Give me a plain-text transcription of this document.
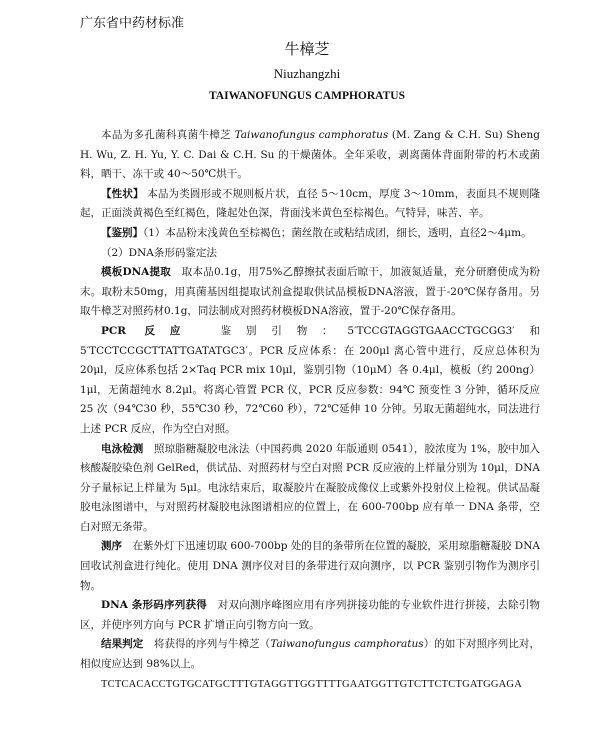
广东省中药材标准
牛樟芝
Niuzhangzhi
TAIWANOFUNGUS CAMPHORATUS

本品为多孔菌科真菌牛樟芝 Taiwanofungus camphoratus (M. Zang & C.H. Su) Sheng H. Wu, Z. H. Yu, Y. C. Dai & C.H. Su 的干燥菌体。全年采收，剥离菌体背面附带的朽木或菌料，晒干、冻干或 40～50℃烘干。

【性状】 本品为类圆形或不规则板片状，直径 5～10cm，厚度 3～10mm，表面具不规则隆起，正面淡黄褐色至红褐色，隆起处色深，背面浅米黄色至棕褐色。气特异，味苦、辛。

【鉴别】（1）本品粉末浅黄色至棕褐色；菌丝散在或粘结成团，细长，透明，直径2～4μm。

（2）DNA条形码鉴定法

模板DNA提取　取本品0.1g，用75%乙醇擦拭表面后晾干，加液氮适量，充分研磨使成为粉末。取粉末50mg，用真菌基因组提取试剂盒提取供试品模板DNA溶液，置于-20℃保存备用。另取牛樟芝对照药材0.1g，同法制成对照药材模板DNA溶液，置于-20℃保存备用。

PCR 反应　鉴别引物：5′TCCGTAGGTGAACCTGCGG3′和 5′TCCTCCGCTTATTGATATGC3′。PCR 反应体系：在 200μl 离心管中进行，反应总体积为 20μl，反应体系包括 2×Taq PCR mix 10μl，鉴别引物（10μM）各 0.4μl，模板（约 200ng）1μl，无菌超纯水 8.2μl。将离心管置 PCR 仪，PCR 反应参数：94℃ 预变性 3 分钟，循环反应 25 次（94℃30 秒，55℃30 秒，72℃60 秒），72℃延伸 10 分钟。另取无菌超纯水，同法进行上述 PCR 反应，作为空白对照。

电泳检测　照琼脂糖凝胶电泳法（中国药典 2020 年版通则 0541），胶浓度为 1%，胶中加入核酸凝胶染色剂 GelRed，供试品、对照药材与空白对照 PCR 反应液的上样量分别为 10μl，DNA 分子量标记上样量为 5μl。电泳结束后，取凝胶片在凝胶成像仪上或紫外投射仪上检视。供试品凝胶电泳图谱中，与对照药材凝胶电泳图谱相应的位置上，在 600-700bp 应有单一 DNA 条带，空白对照无条带。

测序　在紫外灯下迅速切取 600-700bp 处的目的条带所在位置的凝胶，采用琼脂糖凝胶 DNA 回收试剂盒进行纯化。使用 DNA 测序仪对目的条带进行双向测序，以 PCR 鉴别引物作为测序引物。

DNA 条形码序列获得　对双向测序峰图应用有序列拼接功能的专业软件进行拼接，去除引物区，并使序列方向与 PCR 扩增正向引物方向一致。

结果判定　将获得的序列与牛樟芝（Taiwanofungus camphoratus）的如下对照序列比对，相似度应达到 98%以上。

TCTCACACCTGTGCATGCTTTGTAGGTTGGTTTTGAATGGTTGTCTTCTCTGATGGAGA
